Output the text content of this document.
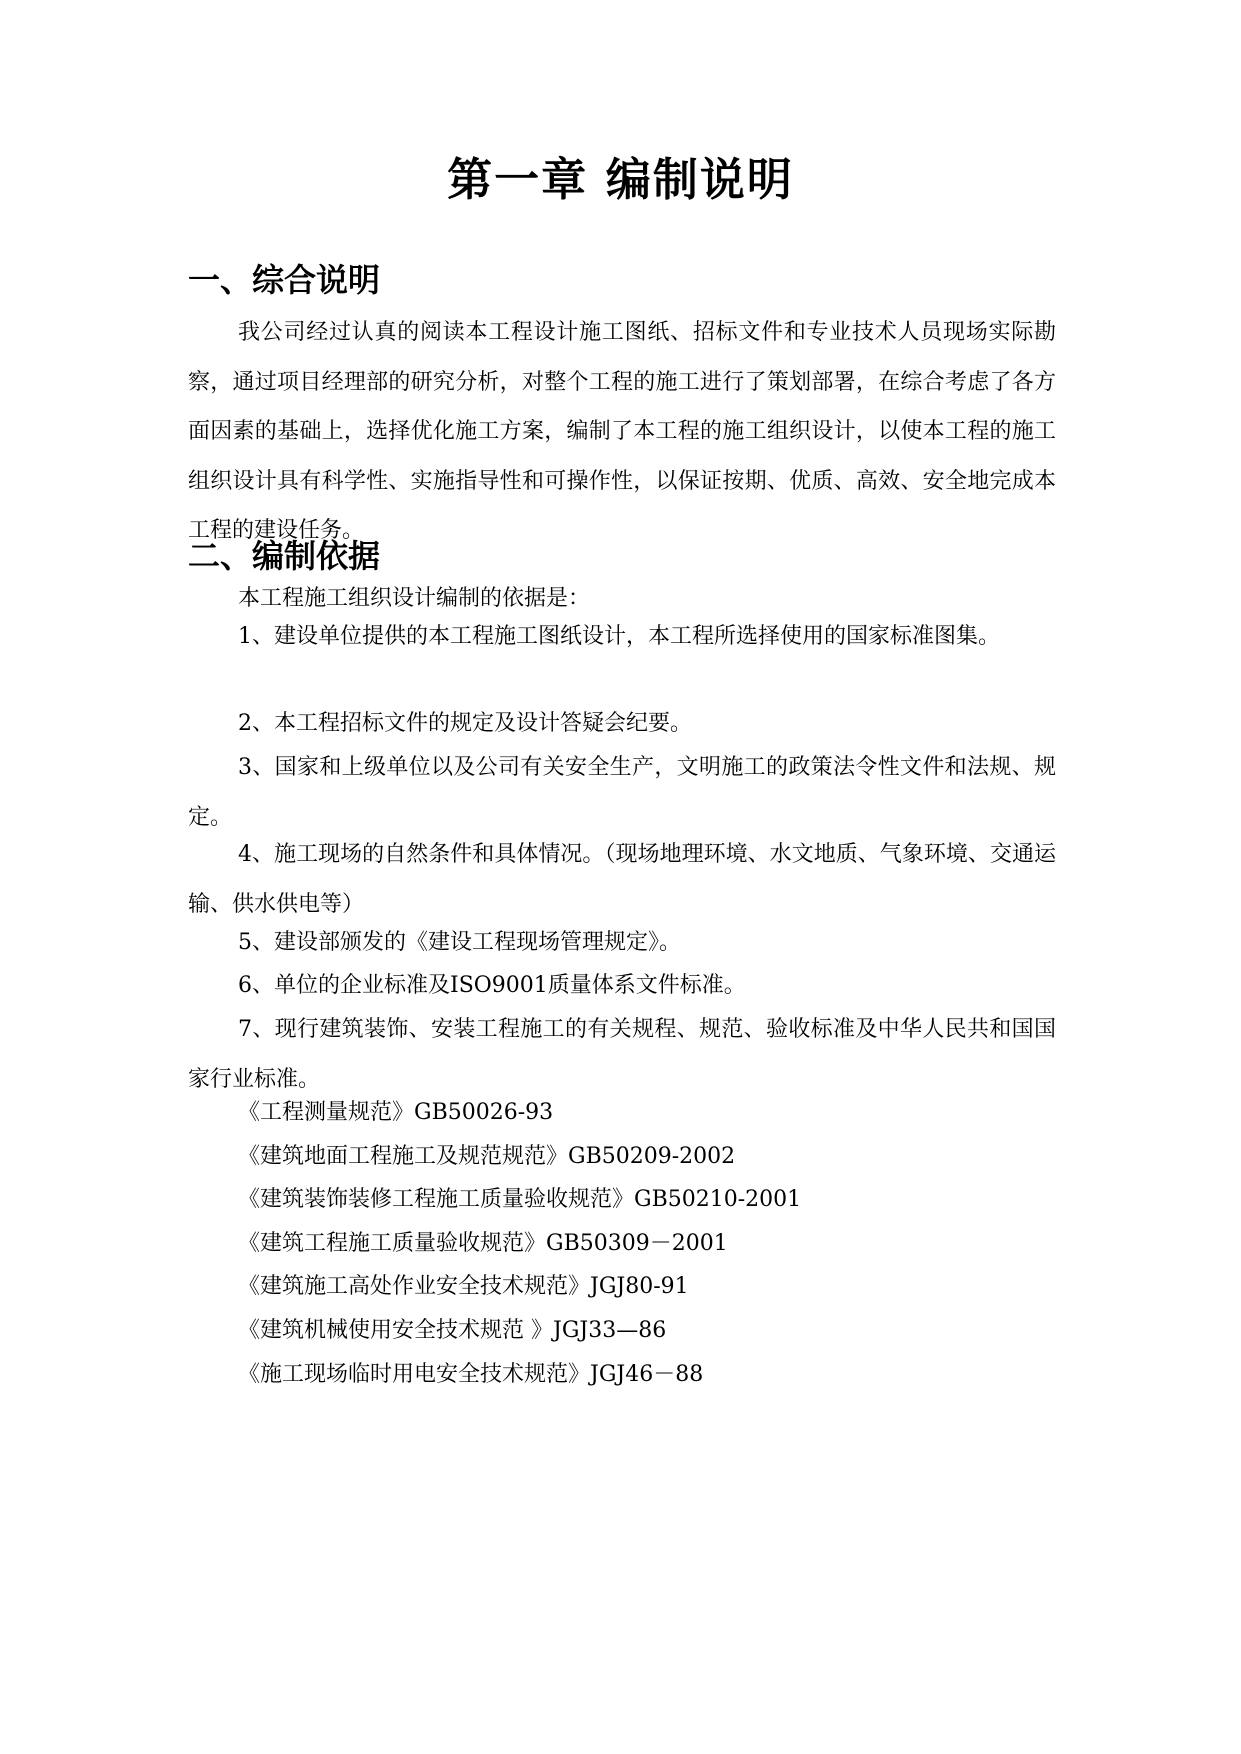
第一章 编制说明
一、综合说明
我公司经过认真的阅读本工程设计施工图纸、招标文件和专业技术人员现场实际勘察，通过项目经理部的研究分析，对整个工程的施工进行了策划部署，在综合考虑了各方面因素的基础上，选择优化施工方案，编制了本工程的施工组织设计，以使本工程的施工组织设计具有科学性、实施指导性和可操作性，以保证按期、优质、高效、安全地完成本工程的建设任务。
二、编制依据
本工程施工组织设计编制的依据是：
1、建设单位提供的本工程施工图纸设计，本工程所选择使用的国家标准图集。
2、本工程招标文件的规定及设计答疑会纪要。
3、国家和上级单位以及公司有关安全生产，文明施工的政策法令性文件和法规、规定。
4、施工现场的自然条件和具体情况。（现场地理环境、水文地质、气象环境、交通运输、供水供电等）
5、建设部颁发的《建设工程现场管理规定》。
6、单位的企业标准及ISO9001质量体系文件标准。
7、现行建筑装饰、安装工程施工的有关规程、规范、验收标准及中华人民共和国国家行业标准。
《工程测量规范》GB50026-93
《建筑地面工程施工及规范规范》GB50209-2002
《建筑装饰装修工程施工质量验收规范》GB50210-2001
《建筑工程施工质量验收规范》GB50309－2001
《建筑施工高处作业安全技术规范》JGJ80-91
《建筑机械使用安全技术规范 》JGJ33—86
《施工现场临时用电安全技术规范》JGJ46－88
